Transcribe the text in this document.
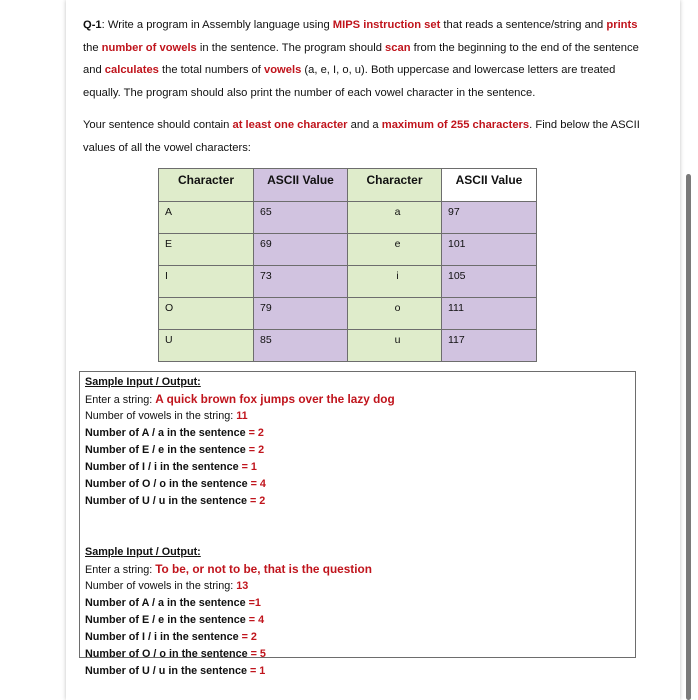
Q-1: Write a program in Assembly language using MIPS instruction set that reads a sentence/string and prints the number of vowels in the sentence. The program should scan from the beginning to the end of the sentence and calculates the total numbers of vowels (a, e, I, o, u). Both uppercase and lowercase letters are treated equally. The program should also print the number of each vowel character in the sentence.

Your sentence should contain at least one character and a maximum of 255 characters. Find below the ASCII values of all the vowel characters:

Character	ASCII Value	Character	ASCII Value
A	65	a	97
E	69	e	101
I	73	i	105
O	79	o	111
U	85	u	117
Sample Input / Output:
Enter a string: A quick brown fox jumps over the lazy dog
Number of vowels in the string: 11
Number of A / a in the sentence = 2
Number of E / e in the sentence = 2
Number of I / i in the sentence = 1
Number of O / o in the sentence = 4
Number of U / u in the sentence = 2
Sample Input / Output:
Enter a string: To be, or not to be, that is the question
Number of vowels in the string: 13
Number of A / a in the sentence =1
Number of E / e in the sentence = 4
Number of I / i in the sentence = 2
Number of O / o in the sentence = 5
Number of U / u in the sentence = 1
